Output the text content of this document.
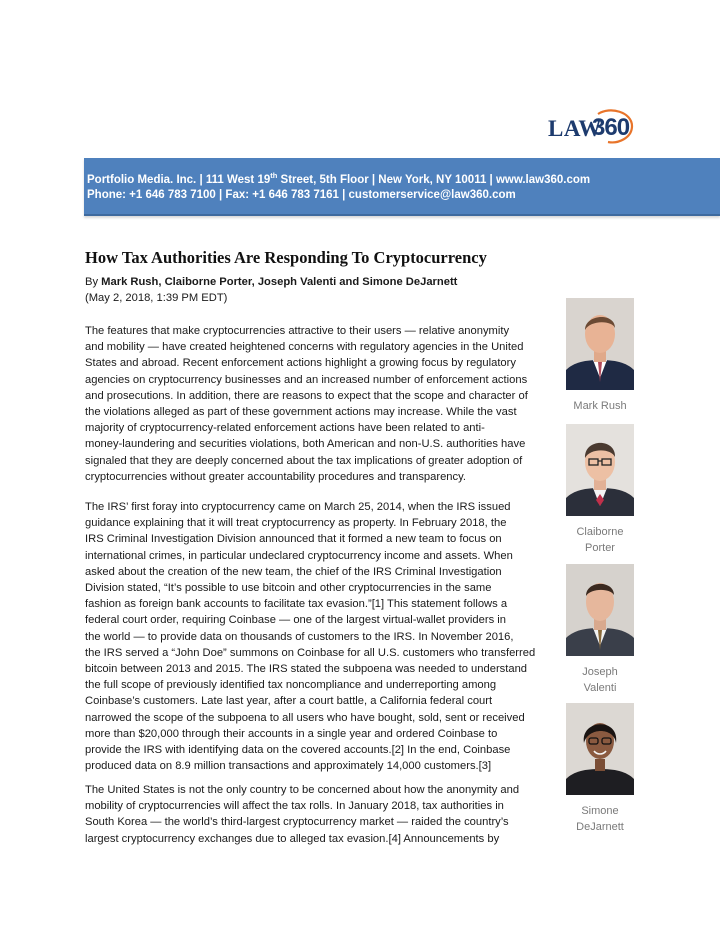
LAW
360
Portfolio Media. Inc. | 111 West 19th Street, 5th Floor | New York, NY 10011 | www.law360.com
Phone: +1 646 783 7100 | Fax: +1 646 783 7161 | customerservice@law360.com
How Tax Authorities Are Responding To Cryptocurrency
By Mark Rush, Claiborne Porter, Joseph Valenti and Simone DeJarnett
(May 2, 2018, 1:39 PM EDT)
The features that make cryptocurrencies attractive to their users — relative anonymity
and mobility — have created heightened concerns with regulatory agencies in the United
States and abroad. Recent enforcement actions highlight a growing focus by regulatory
agencies on cryptocurrency businesses and an increased number of enforcement actions
and prosecutions. In addition, there are reasons to expect that the scope and character of
the violations alleged as part of these government actions may increase. While the vast
majority of cryptocurrency-related enforcement actions have been related to anti-
money-laundering and securities violations, both American and non-U.S. authorities have
signaled that they are deeply concerned about the tax implications of greater adoption of
cryptocurrencies without greater accountability procedures and transparency.
The IRS’ first foray into cryptocurrency came on March 25, 2014, when the IRS issued
guidance explaining that it will treat cryptocurrency as property. In February 2018, the
IRS Criminal Investigation Division announced that it formed a new team to focus on
international crimes, in particular undeclared cryptocurrency income and assets. When
asked about the creation of the new team, the chief of the IRS Criminal Investigation
Division stated, “It’s possible to use bitcoin and other cryptocurrencies in the same
fashion as foreign bank accounts to facilitate tax evasion.”[1] This statement follows a
federal court order, requiring Coinbase — one of the largest virtual-wallet providers in
the world — to provide data on thousands of customers to the IRS. In November 2016,
the IRS served a “John Doe” summons on Coinbase for all U.S. customers who transferred
bitcoin between 2013 and 2015. The IRS stated the subpoena was needed to understand
the full scope of previously identified tax noncompliance and underreporting among
Coinbase’s customers. Late last year, after a court battle, a California federal court
narrowed the scope of the subpoena to all users who have bought, sold, sent or received
more than $20,000 through their accounts in a single year and ordered Coinbase to
provide the IRS with identifying data on the covered accounts.[2] In the end, Coinbase
produced data on 8.9 million transactions and approximately 14,000 customers.[3]
The United States is not the only country to be concerned about how the anonymity and
mobility of cryptocurrencies will affect the tax rolls. In January 2018, tax authorities in
South Korea — the world’s third-largest cryptocurrency market — raided the country’s
largest cryptocurrency exchanges due to alleged tax evasion.[4] Announcements by
Mark Rush
Claiborne
Porter
Joseph
Valenti
Simone
DeJarnett
